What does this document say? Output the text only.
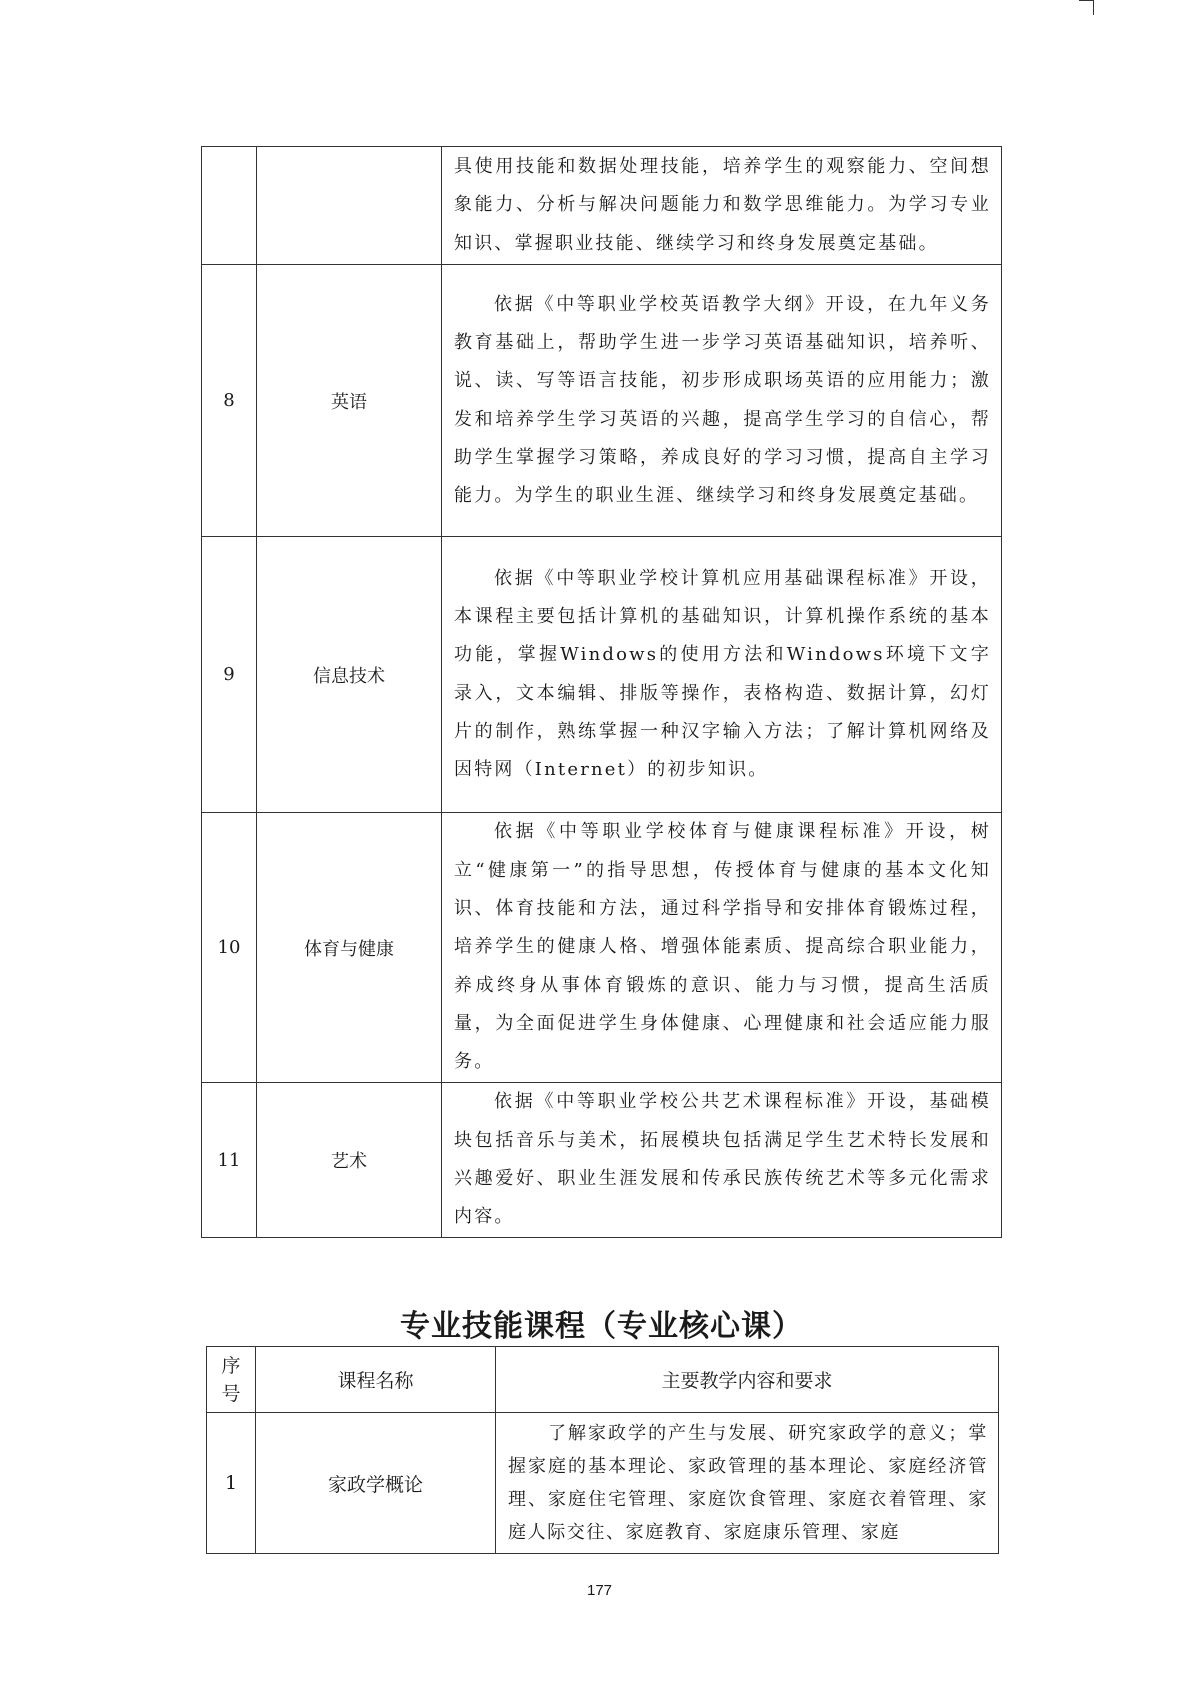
具使用技能和数据处理技能，培养学生的观察能力、空间想象能力、分析与解决问题能力和数学思维能力。为学习专业知识、掌握职业技能、继续学习和终身发展奠定基础。

8	英语	依据《中等职业学校英语教学大纲》开设，在九年义务教育基础上，帮助学生进一步学习英语基础知识，培养听、说、读、写等语言技能，初步形成职场英语的应用能力；激发和培养学生学习英语的兴趣，提高学生学习的自信心，帮助学生掌握学习策略，养成良好的学习习惯，提高自主学习能力。为学生的职业生涯、继续学习和终身发展奠定基础。

9	信息技术	依据《中等职业学校计算机应用基础课程标准》开设，本课程主要包括计算机的基础知识，计算机操作系统的基本功能，掌握Windows的使用方法和Windows环境下文字录入，文本编辑、排版等操作，表格构造、数据计算，幻灯片的制作，熟练掌握一种汉字输入方法；了解计算机网络及因特网（Internet）的初步知识。

10	体育与健康	依据《中等职业学校体育与健康课程标准》开设，树立“健康第一”的指导思想，传授体育与健康的基本文化知识、体育技能和方法，通过科学指导和安排体育锻炼过程，培养学生的健康人格、增强体能素质、提高综合职业能力，养成终身从事体育锻炼的意识、能力与习惯，提高生活质量，为全面促进学生身体健康、心理健康和社会适应能力服务。

11	艺术	依据《中等职业学校公共艺术课程标准》开设，基础模块包括音乐与美术，拓展模块包括满足学生艺术特长发展和兴趣爱好、职业生涯发展和传承民族传统艺术等多元化需求内容。

专业技能课程（专业核心课）
序
号	课程名称	主要教学内容和要求
1	家政学概论	了解家政学的产生与发展、研究家政学的意义；掌握家庭的基本理论、家政管理的基本理论、家庭经济管理、家庭住宅管理、家庭饮食管理、家庭衣着管理、家庭人际交往、家庭教育、家庭康乐管理、家庭

177
